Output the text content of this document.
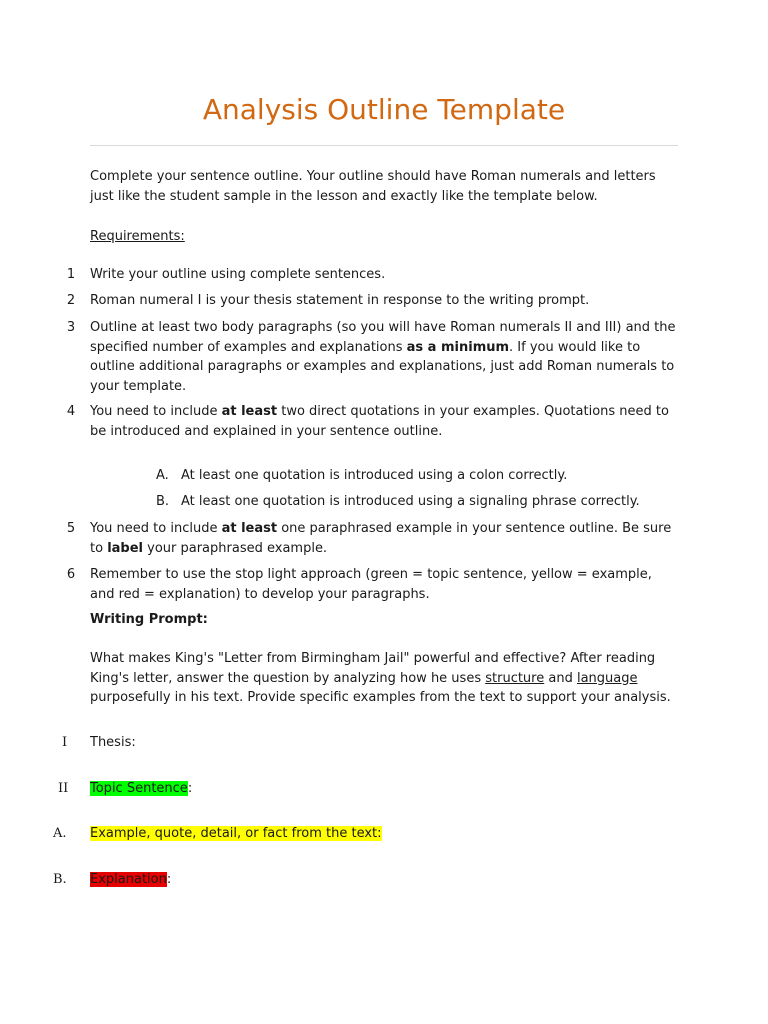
Analysis Outline Template
Complete your sentence outline. Your outline should have Roman numerals and letters just like the student sample in the lesson and exactly like the template below.
Requirements:
1	Write your outline using complete sentences.
2	Roman numeral I is your thesis statement in response to the writing prompt.
3	Outline at least two body paragraphs (so you will have Roman numerals II and III) and the specified number of examples and explanations as a minimum. If you would like to outline additional paragraphs or examples and explanations, just add Roman numerals to your template.
4	You need to include at least two direct quotations in your examples. Quotations need to be introduced and explained in your sentence outline.
A. At least one quotation is introduced using a colon correctly.
B. At least one quotation is introduced using a signaling phrase correctly.
5	You need to include at least one paraphrased example in your sentence outline. Be sure to label your paraphrased example.
6	Remember to use the stop light approach (green = topic sentence, yellow = example, and red = explanation) to develop your paragraphs.
Writing Prompt:
What makes King's "Letter from Birmingham Jail" powerful and effective? After reading King's letter, answer the question by analyzing how he uses structure and language purposefully in his text. Provide specific examples from the text to support your analysis.
I	Thesis:
II	Topic Sentence:
A.	Example, quote, detail, or fact from the text:
B.	Explanation:
